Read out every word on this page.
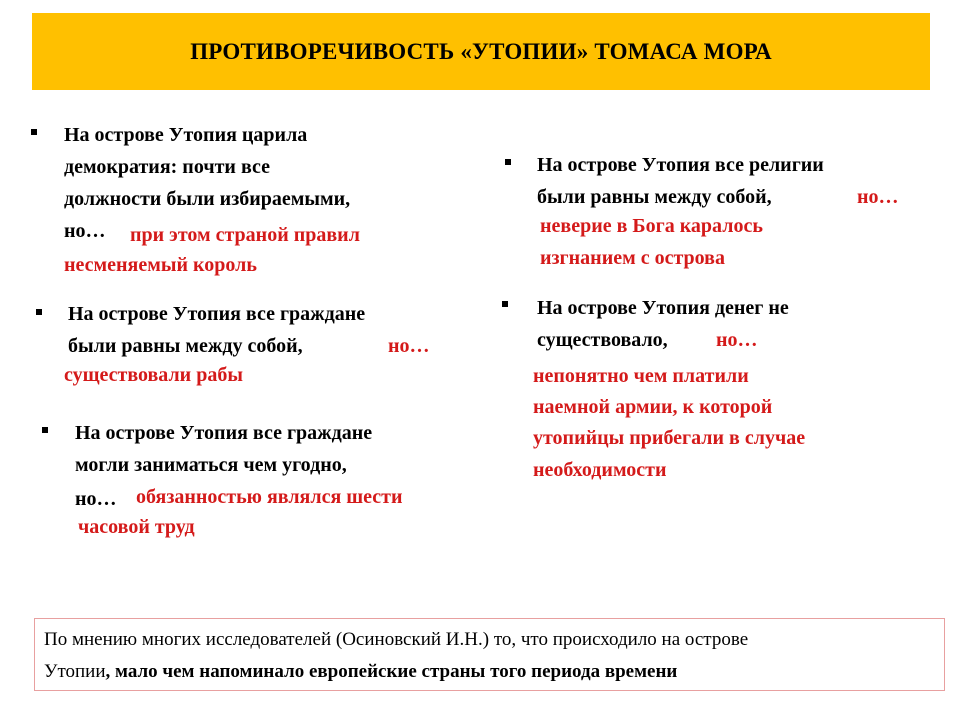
ПРОТИВОРЕЧИВОСТЬ «УТОПИИ» ТОМАСА МОРА
На острове Утопия царила
демократия: почти все
должности были избираемыми,
но… при этом страной правил
несменяемый король
На острове Утопия все граждане
были равны между собой,	но…
существовали рабы
На острове Утопия все граждане
могли заниматься чем угодно,
но… обязанностью являлся шести
часовой труд
На острове Утопия все религии
были равны между собой,	но…
неверие в Бога каралось
изгнанием с острова
На острове Утопия денег не
существовало, но…
непонятно чем платили
наемной армии, к которой
утопийцы прибегали в случае
необходимости
По мнению многих исследователей (Осиновский И.Н.) то, что происходило на острове
Утопии, мало чем напоминало европейские страны того периода времени
